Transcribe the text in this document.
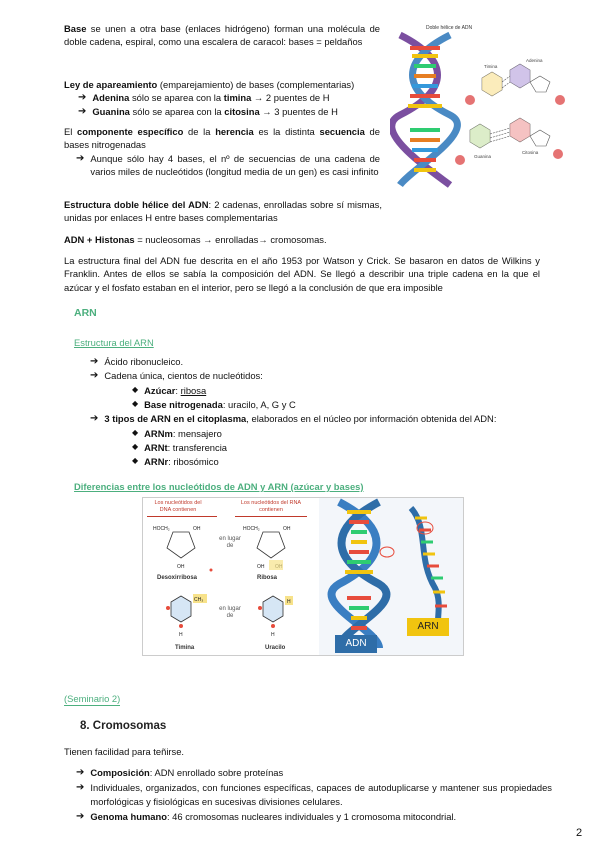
Base se unen a otra base (enlaces hidrógeno) forman una molécula de doble cadena, espiral, como una escalera de caracol: bases = peldaños
Ley de apareamiento (emparejamiento) de bases (complementarias)
➔ Adenina sólo se aparea con la timina → 2 puentes de H
➔ Guanina sólo se aparea con la citosina → 3 puentes de H
El componente específico de la herencia es la distinta secuencia de bases nitrogenadas
➔ Aunque sólo hay 4 bases, el nº de secuencias de una cadena de varios miles de nucleótidos (longitud media de un gen) es casi infinito
Estructura doble hélice del ADN: 2 cadenas, enrolladas sobre sí mismas, unidas por enlaces H entre bases complementarias
ADN + Histonas = nucleosomas → enrolladas→ cromosomas.
La estructura final del ADN fue descrita en el año 1953 por Watson y Crick. Se basaron en datos de Wilkins y Franklin. Antes de ellos se sabía la composición del ADN. Se llegó a describir una triple cadena en la que el azúcar y el fosfato estaban en el interior, pero se llegó a la conclusión de que era imposible
Doble hélice de ADN
Timina
Adenina
Guanina
Citosina
ARN
Estructura del ARN
➔ Ácido ribonucleico.
➔ Cadena única, cientos de nucleótidos:
◆ Azúcar: ribosa
◆ Base nitrogenada: uracilo, A, G y C
➔ 3 tipos de ARN en el citoplasma, elaborados en el núcleo por información obtenida del ADN:
◆ ARNm: mensajero
◆ ARNt: transferencia
◆ ARNr: ribosómico
Diferencias entre los nucleótidos de ADN y ARN (azúcar y bases)
Los nucleótidos del DNA contienen
Los nucleótidos del RNA contienen
HOCH₂	OH
OH
HOCH₂	OH
OH
en lugar de
Desoxirribosa	Ribosa
CH₃	H
H	H
en lugar de
Timina	Uracilo	ADN
ARN
(Seminario 2)
8. Cromosomas
Tienen facilidad para teñirse.
➔ Composición: ADN enrollado sobre proteínas
➔ Individuales, organizados, con funciones específicas, capaces de autoduplicarse y mantener sus propiedades morfológicas y fisiológicas en sucesivas divisiones celulares.
➔ Genoma humano: 46 cromosomas nucleares individuales y 1 cromosoma mitocondrial.
2
